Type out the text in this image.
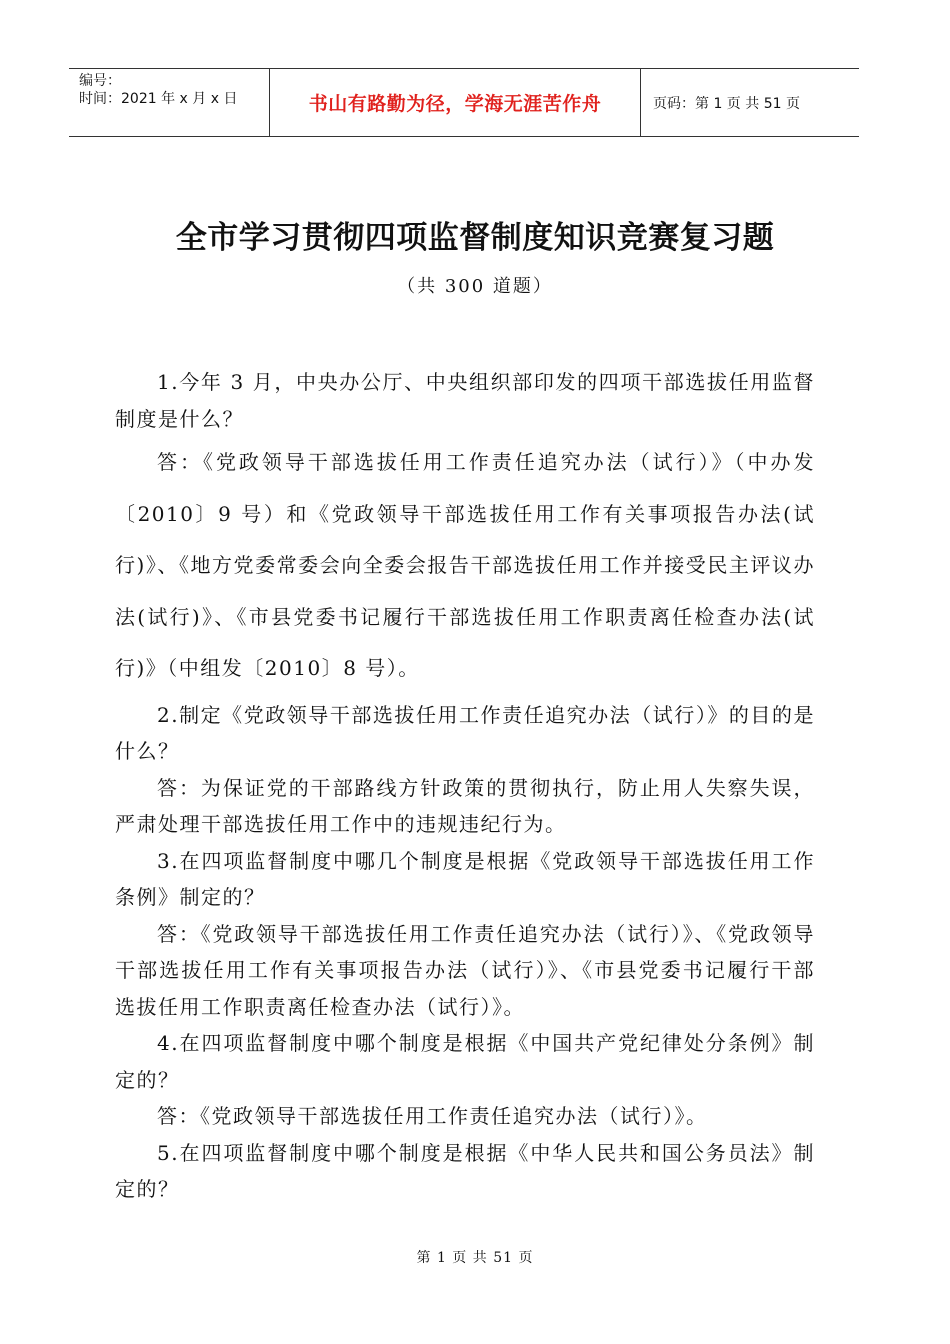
编号：
时间：2021 年 x 月 x 日	书山有路勤为径，学海无涯苦作舟	页码：第 1 页 共 51 页
全市学习贯彻四项监督制度知识竞赛复习题
（共 300 道题）

1.今年 3 月，中央办公厅、中央组织部印发的四项干部选拔任用监督制度是什么？

答：《党政领导干部选拔任用工作责任追究办法（试行）》（中办发〔2010〕9 号）和《党政领导干部选拔任用工作有关事项报告办法(试行)》、《地方党委常委会向全委会报告干部选拔任用工作并接受民主评议办法(试行)》、《市县党委书记履行干部选拔任用工作职责离任检查办法(试行)》（中组发〔2010〕8 号）。

2.制定《党政领导干部选拔任用工作责任追究办法（试行）》的目的是什么？

答：为保证党的干部路线方针政策的贯彻执行，防止用人失察失误，严肃处理干部选拔任用工作中的违规违纪行为。

3.在四项监督制度中哪几个制度是根据《党政领导干部选拔任用工作条例》制定的？

答：《党政领导干部选拔任用工作责任追究办法（试行）》、《党政领导干部选拔任用工作有关事项报告办法（试行）》、《市县党委书记履行干部选拔任用工作职责离任检查办法（试行）》。

4.在四项监督制度中哪个制度是根据《中国共产党纪律处分条例》制定的？

答：《党政领导干部选拔任用工作责任追究办法（试行）》。

5.在四项监督制度中哪个制度是根据《中华人民共和国公务员法》制定的？

第 1 页 共 51 页
